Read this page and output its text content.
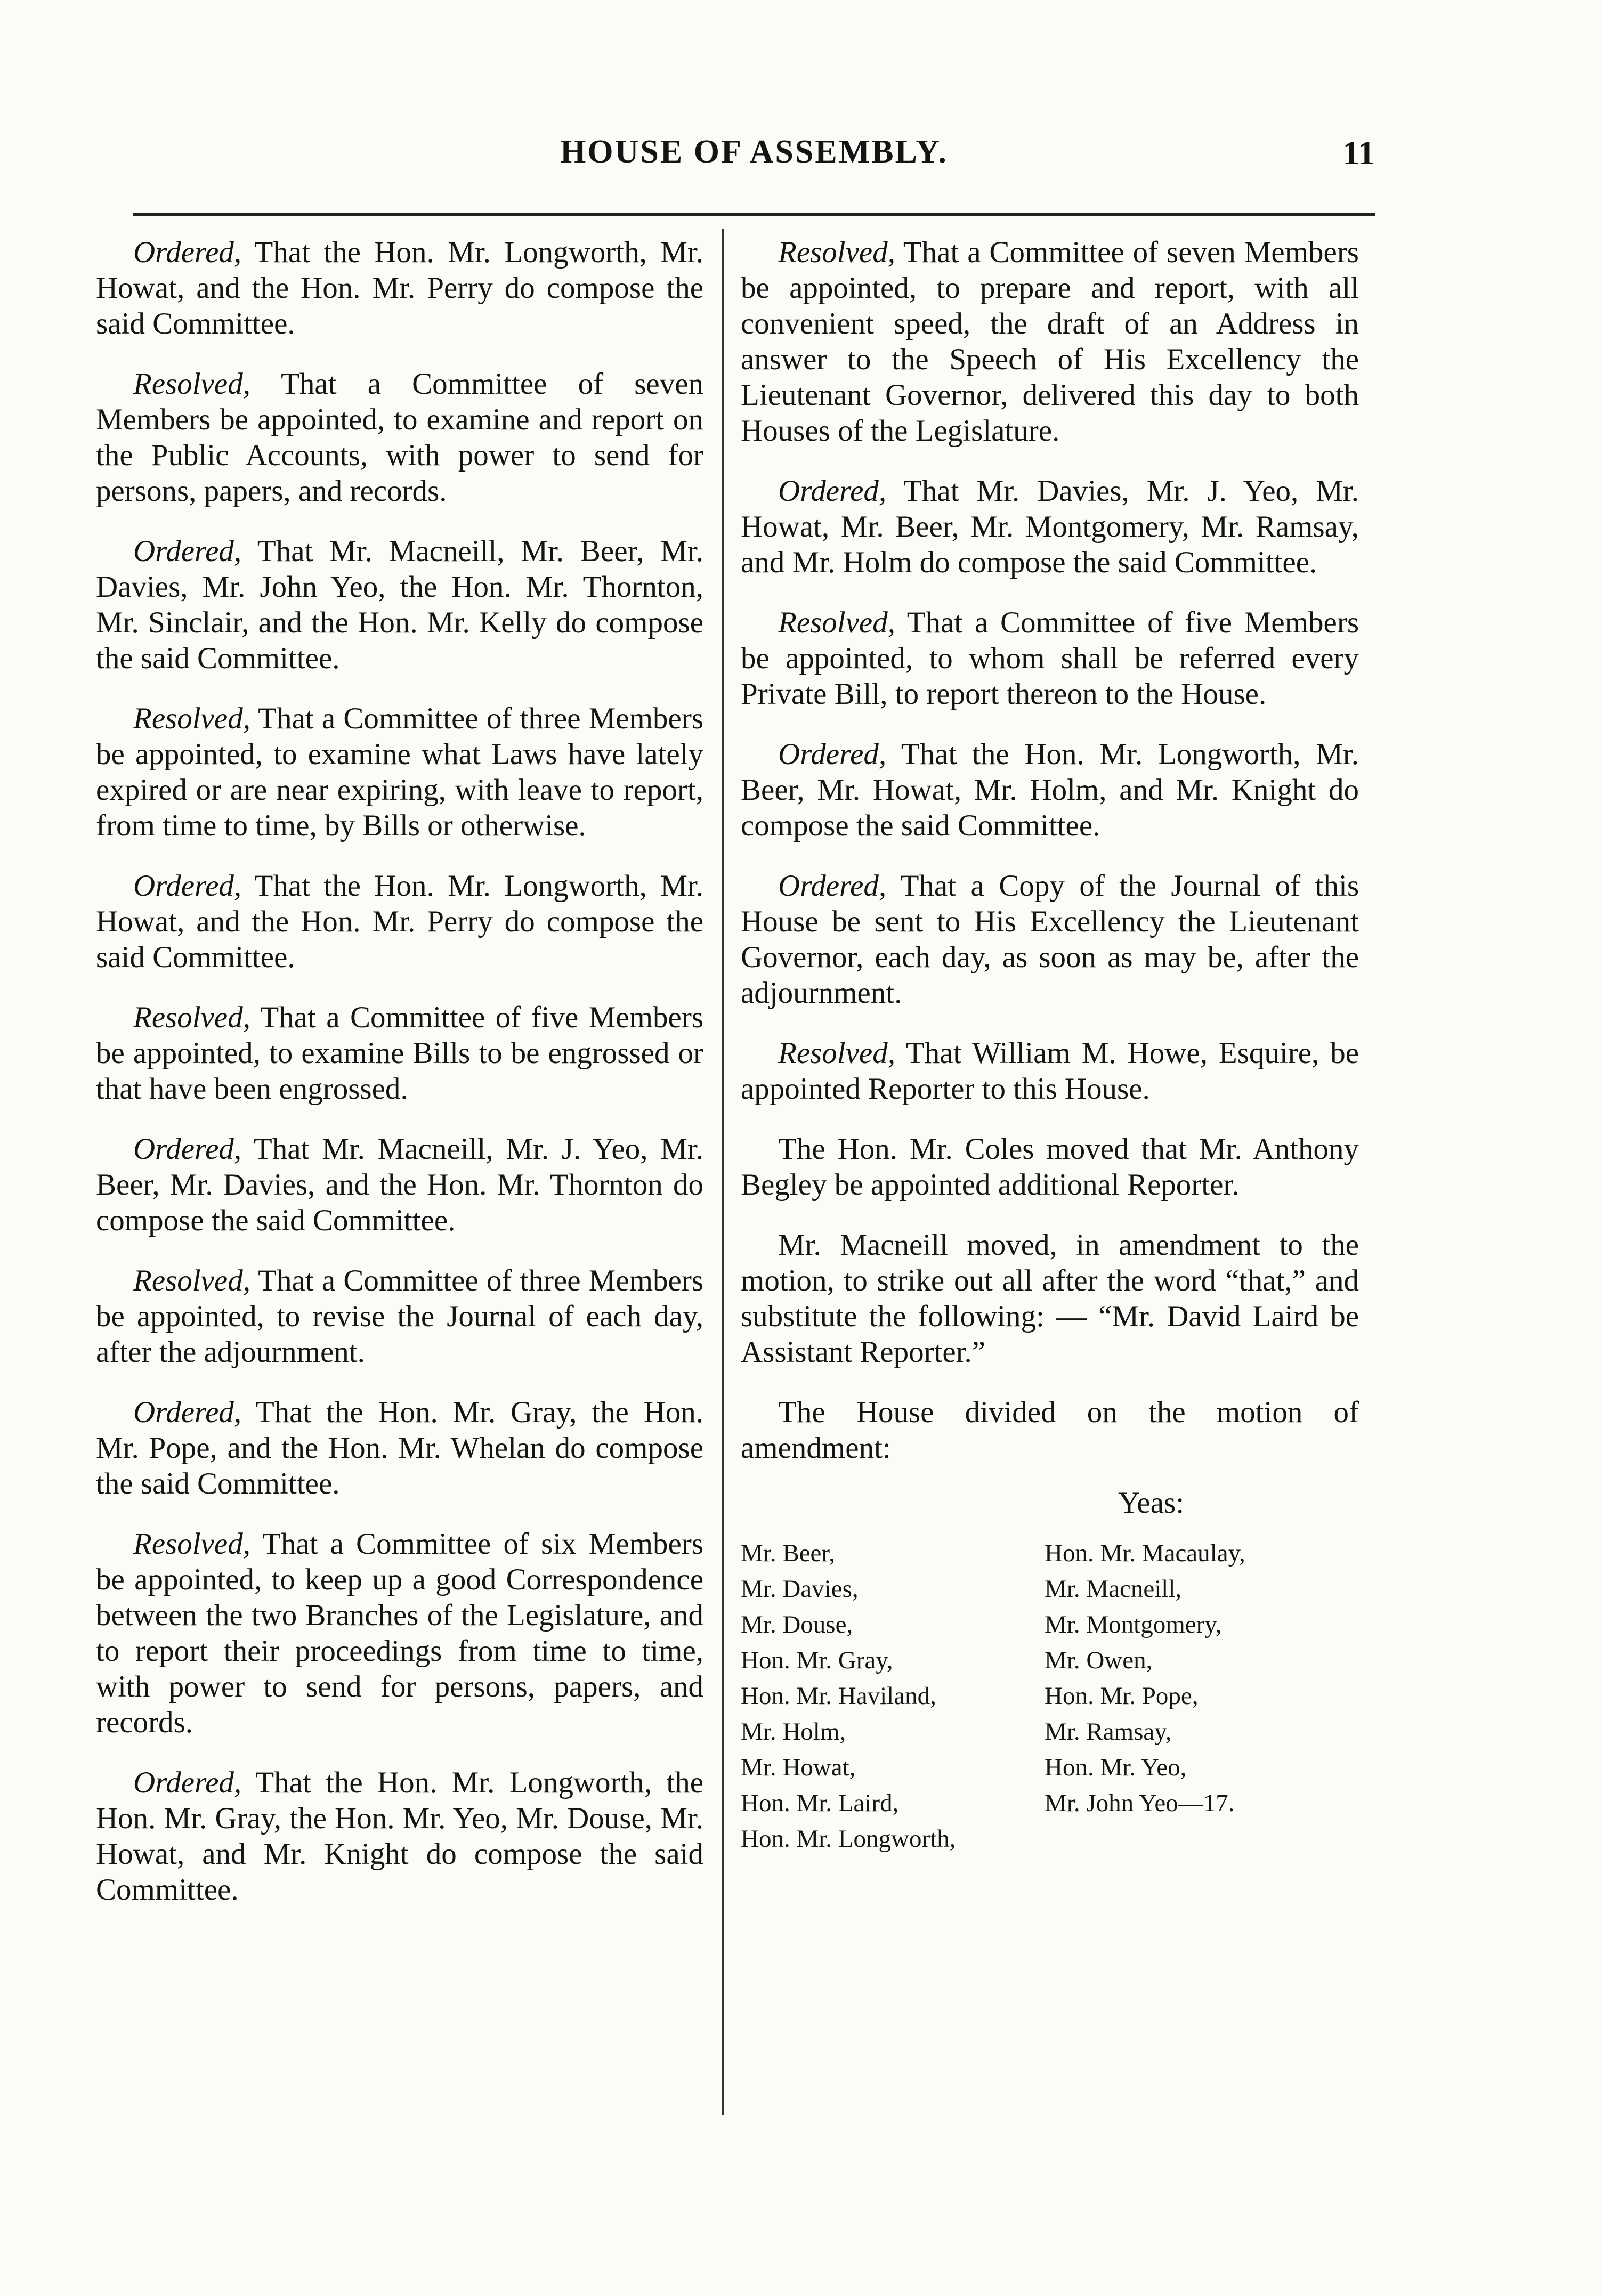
HOUSE OF ASSEMBLY.	11

Ordered, That the Hon. Mr. Longworth, Mr. Howat, and the Hon. Mr. Perry do compose the said Committee.

Resolved, That a Committee of seven Members be appointed, to examine and report on the Public Accounts, with power to send for persons, papers, and records.

Ordered, That Mr. Macneill, Mr. Beer, Mr. Davies, Mr. John Yeo, the Hon. Mr. Thornton, Mr. Sinclair, and the Hon. Mr. Kelly do compose the said Committee.

Resolved, That a Committee of three Members be appointed, to examine what Laws have lately expired or are near expiring, with leave to report, from time to time, by Bills or otherwise.

Ordered, That the Hon. Mr. Longworth, Mr. Howat, and the Hon. Mr. Perry do compose the said Committee.

Resolved, That a Committee of five Members be appointed, to examine Bills to be engrossed or that have been engrossed.

Ordered, That Mr. Macneill, Mr. J. Yeo, Mr. Beer, Mr. Davies, and the Hon. Mr. Thornton do compose the said Committee.

Resolved, That a Committee of three Members be appointed, to revise the Journal of each day, after the adjournment.

Ordered, That the Hon. Mr. Gray, the Hon. Mr. Pope, and the Hon. Mr. Whelan do compose the said Committee.

Resolved, That a Committee of six Members be appointed, to keep up a good Correspondence between the two Branches of the Legislature, and to report their proceedings from time to time, with power to send for persons, papers, and records.

Ordered, That the Hon. Mr. Longworth, the Hon. Mr. Gray, the Hon. Mr. Yeo, Mr. Douse, Mr. Howat, and Mr. Knight do compose the said Committee.

Resolved, That a Committee of seven Members be appointed, to prepare and report, with all convenient speed, the draft of an Address in answer to the Speech of His Excellency the Lieutenant Governor, delivered this day to both Houses of the Legislature.

Ordered, That Mr. Davies, Mr. J. Yeo, Mr. Howat, Mr. Beer, Mr. Montgomery, Mr. Ramsay, and Mr. Holm do compose the said Committee.

Resolved, That a Committee of five Members be appointed, to whom shall be referred every Private Bill, to report thereon to the House.

Ordered, That the Hon. Mr. Longworth, Mr. Beer, Mr. Howat, Mr. Holm, and Mr. Knight do compose the said Committee.

Ordered, That a Copy of the Journal of this House be sent to His Excellency the Lieutenant Governor, each day, as soon as may be, after the adjournment.

Resolved, That William M. Howe, Esquire, be appointed Reporter to this House.

The Hon. Mr. Coles moved that Mr. Anthony Begley be appointed additional Reporter.

Mr. Macneill moved, in amendment to the motion, to strike out all after the word “that,” and substitute the following: — “Mr. David Laird be Assistant Reporter.”

The House divided on the motion of amendment:

Yeas:
Mr. Beer,	Hon. Mr. Macaulay,
Mr. Davies,	Mr. Macneill,
Mr. Douse,	Mr. Montgomery,
Hon. Mr. Gray,	Mr. Owen,
Hon. Mr. Haviland,	Hon. Mr. Pope,
Mr. Holm,	Mr. Ramsay,
Mr. Howat,	Hon. Mr. Yeo,
Hon. Mr. Laird,	Mr. John Yeo—17.
Hon. Mr. Longworth,
